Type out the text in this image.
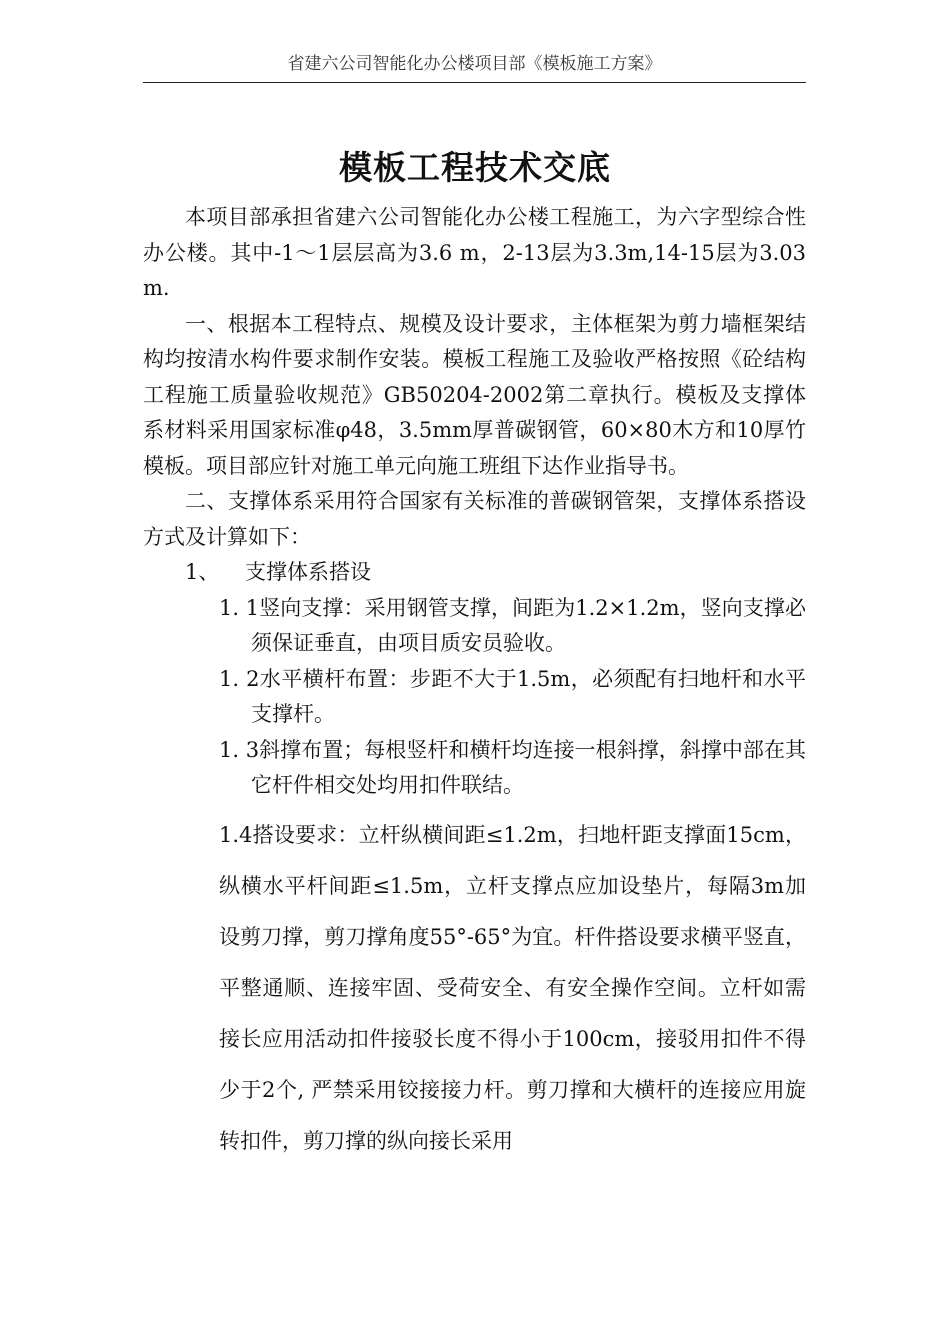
省建六公司智能化办公楼项目部《模板施工方案》
模板工程技术交底

本项目部承担省建六公司智能化办公楼工程施工，为六字型综合性办公楼。其中-1～1层层高为3.6 m，2-13层为3.3m,14-15层为3.03m.

一、根据本工程特点、规模及设计要求，主体框架为剪力墙框架结构均按清水构件要求制作安装。模板工程施工及验收严格按照《砼结构工程施工质量验收规范》GB50204-2002第二章执行。模板及支撑体系材料采用国家标准φ48，3.5mm厚普碳钢管，60×80木方和10厚竹模板。项目部应针对施工单元向施工班组下达作业指导书。

二、支撑体系采用符合国家有关标准的普碳钢管架，支撑体系搭设方式及计算如下：

1、 支撑体系搭设

1. 1竖向支撑：采用钢管支撑，间距为1.2×1.2m，竖向支撑必须保证垂直，由项目质安员验收。

1. 2水平横杆布置：步距不大于1.5m，必须配有扫地杆和水平支撑杆。

1. 3斜撑布置；每根竖杆和横杆均连接一根斜撑，斜撑中部在其它杆件相交处均用扣件联结。

1.4搭设要求：立杆纵横间距≤1.2m，扫地杆距支撑面15cm，纵横水平杆间距≤1.5m，立杆支撑点应加设垫片，每隔3m加设剪刀撑，剪刀撑角度55°-65°为宜。杆件搭设要求横平竖直，平整通顺、连接牢固、受荷安全、有安全操作空间。立杆如需接长应用活动扣件接驳长度不得小于100cm，接驳用扣件不得少于2个, 严禁采用铰接接力杆。剪刀撑和大横杆的连接应用旋转扣件，剪刀撑的纵向接长采用
